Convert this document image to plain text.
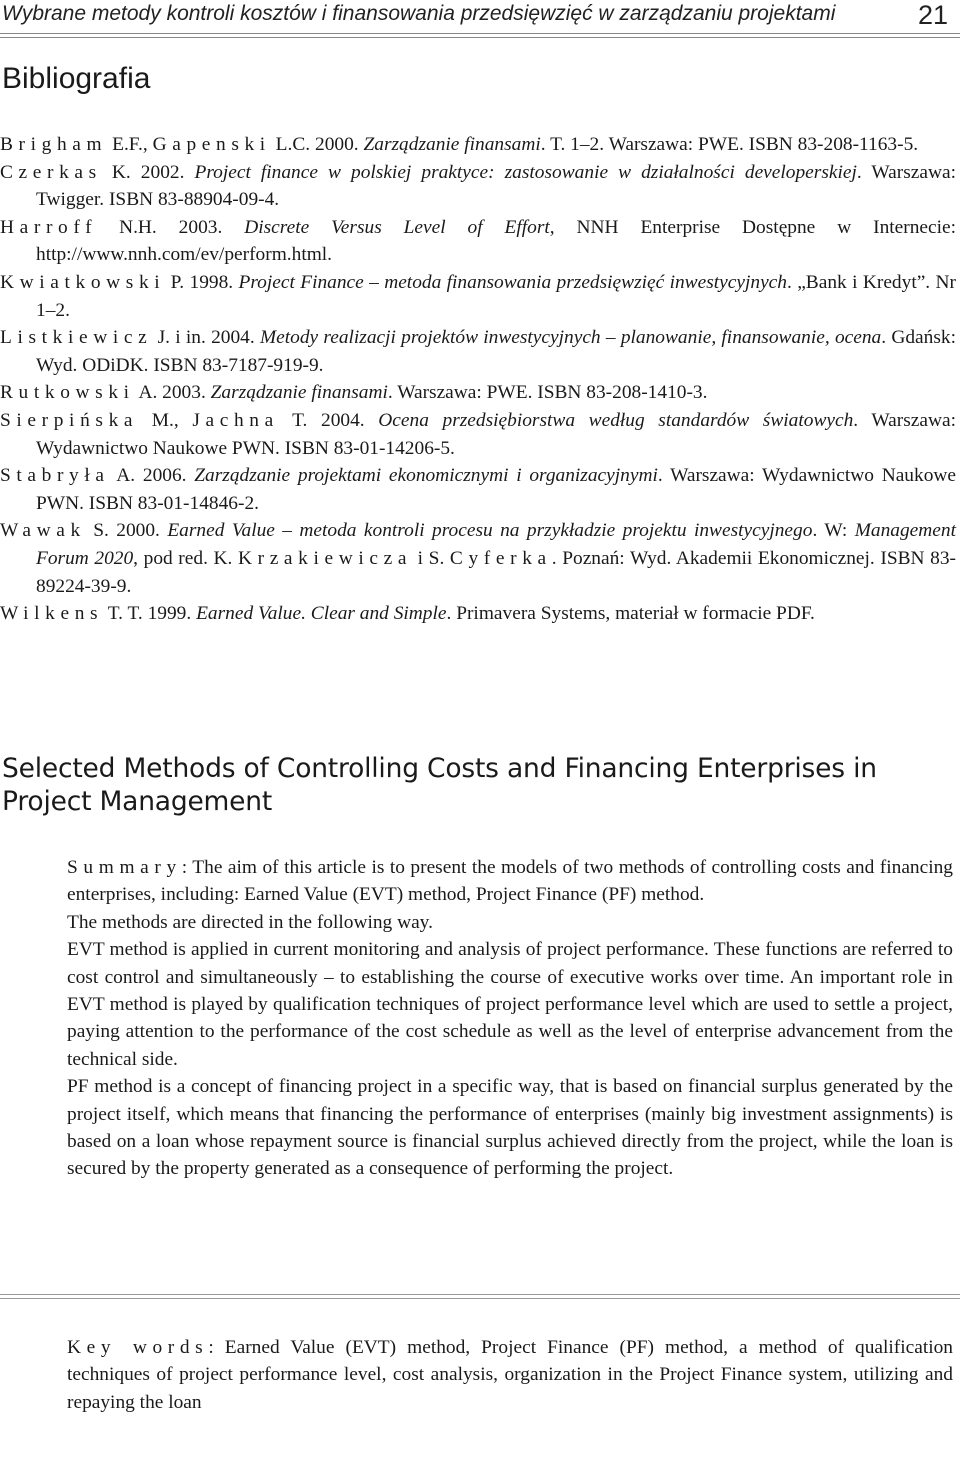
Wybrane metody kontroli kosztów i finansowania przedsięwzięć w zarządzaniu projektami	21
Bibliografia
Brigham E.F., Gapenski L.C. 2000. Zarządzanie finansami. T. 1–2. Warszawa: PWE. ISBN 83-208-1163-5.
Czerkas K. 2002. Project finance w polskiej praktyce: zastosowanie w działalności developerskiej. Warszawa: Twigger. ISBN 83-88904-09-4.
Harroff N.H. 2003. Discrete Versus Level of Effort, NNH Enterprise Dostępne w Internecie: http://www.nnh.com/ev/perform.html.
Kwiatkowski P. 1998. Project Finance – metoda finansowania przedsięwzięć inwestycyjnych. „Bank i Kredyt”. Nr 1–2.
Listkiewicz J. i in. 2004. Metody realizacji projektów inwestycyjnych – planowanie, finansowanie, ocena. Gdańsk: Wyd. ODiDK. ISBN 83-7187-919-9.
Rutkowski A. 2003. Zarządzanie finansami. Warszawa: PWE. ISBN 83-208-1410-3.
Sierpińska M., Jachna T. 2004. Ocena przedsiębiorstwa według standardów światowych. Warszawa: Wydawnictwo Naukowe PWN. ISBN 83-01-14206-5.
Stabryła A. 2006. Zarządzanie projektami ekonomicznymi i organizacyjnymi. Warszawa: Wydawnictwo Naukowe PWN. ISBN 83-01-14846-2.
Wawak S. 2000. Earned Value – metoda kontroli procesu na przykładzie projektu inwestycyjnego. W: Management Forum 2020, pod red. K. Krzakiewicza i S. Cyferka. Poznań: Wyd. Akademii Ekonomicznej. ISBN 83-89224-39-9.
Wilkens T. T. 1999. Earned Value. Clear and Simple. Primavera Systems, materiał w formacie PDF.
Selected Methods of Controlling Costs and Financing Enterprises in Project Management

Summary: The aim of this article is to present the models of two methods of controlling costs and financing enterprises, including: Earned Value (EVT) method, Project Finance (PF) method.

The methods are directed in the following way.

EVT method is applied in current monitoring and analysis of project performance. These functions are referred to cost control and simultaneously – to establishing the course of executive works over time. An important role in EVT method is played by qualification techniques of project performance level which are used to settle a project, paying attention to the performance of the cost schedule as well as the level of enterprise advancement from the technical side.

PF method is a concept of financing project in a specific way, that is based on financial surplus generated by the project itself, which means that financing the performance of enterprises (mainly big investment assignments) is based on a loan whose repayment source is financial surplus achieved directly from the project, while the loan is secured by the property generated as a consequence of performing the project.

Key words: Earned Value (EVT) method, Project Finance (PF) method, a method of qualification techniques of project performance level, cost analysis, organization in the Project Finance system, utilizing and repaying the loan
